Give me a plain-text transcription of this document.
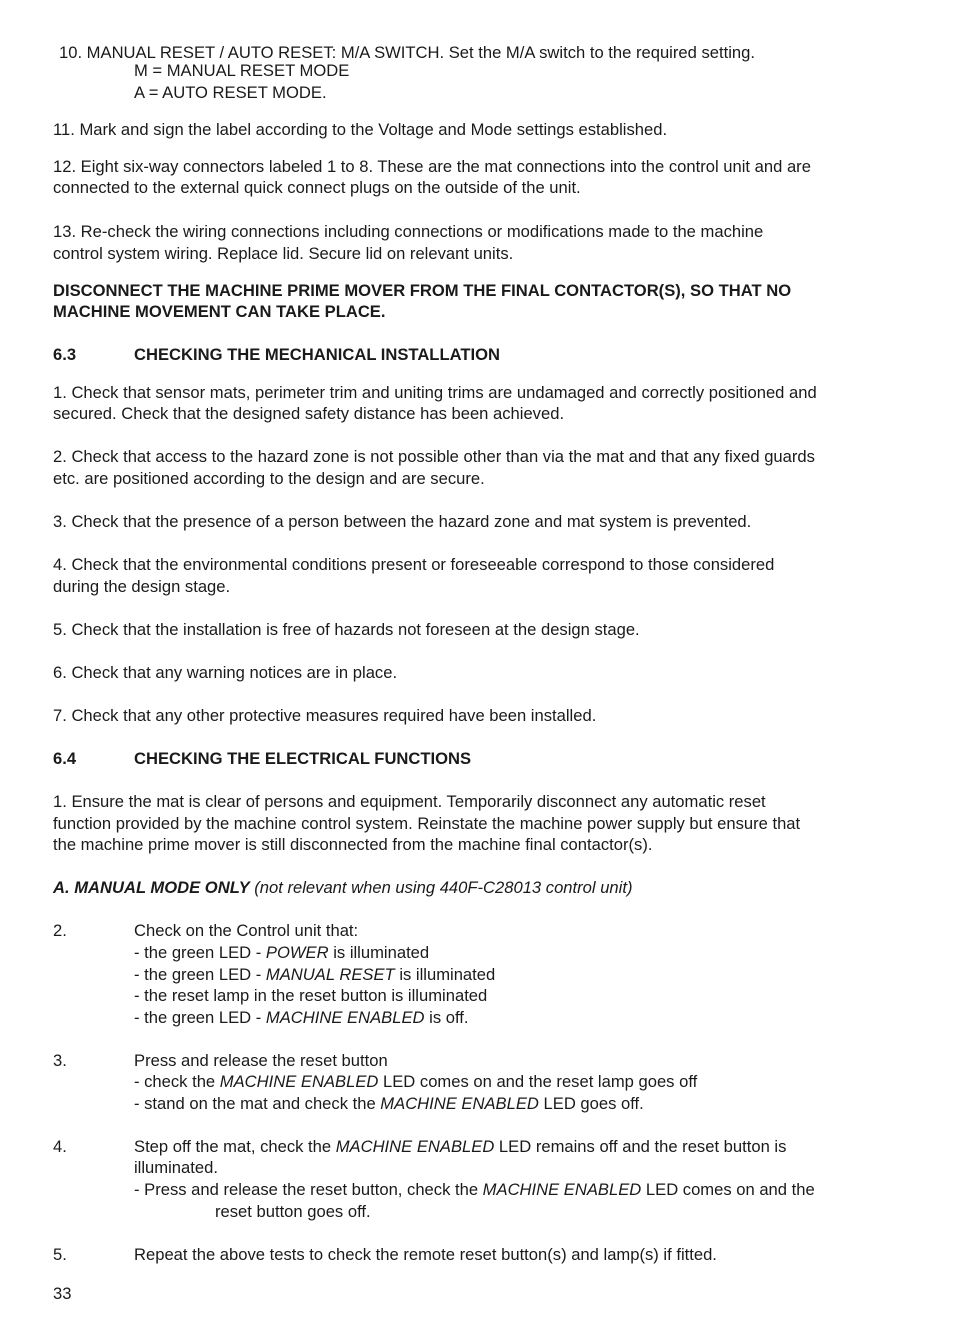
10. MANUAL RESET / AUTO RESET: M/A SWITCH. Set the M/A switch to the required setting.
M = MANUAL RESET MODE
A = AUTO RESET MODE.
11. Mark and sign the label according to the Voltage and Mode settings established.
12. Eight six-way connectors labeled 1 to 8. These are the mat connections into the control unit and are
connected to the external quick connect plugs on the outside of the unit.
13. Re-check the wiring connections including connections or modifications made to the machine
control system wiring. Replace lid. Secure lid on relevant units.
DISCONNECT THE MACHINE PRIME MOVER FROM THE FINAL CONTACTOR(S), SO THAT NO
MACHINE MOVEMENT CAN TAKE PLACE.
6.3	CHECKING THE MECHANICAL INSTALLATION
1. Check that sensor mats, perimeter trim and uniting trims are undamaged and correctly positioned and
secured. Check that the designed safety distance has been achieved.
2. Check that access to the hazard zone is not possible other than via the mat and that any fixed guards
etc. are positioned according to the design and are secure.
3. Check that the presence of a person between the hazard zone and mat system is prevented.
4. Check that the environmental conditions present or foreseeable correspond to those considered
during the design stage.
5. Check that the installation is free of hazards not foreseen at the design stage.
6. Check that any warning notices are in place.
7. Check that any other protective measures required have been installed.
6.4	CHECKING THE ELECTRICAL FUNCTIONS
1. Ensure the mat is clear of persons and equipment. Temporarily disconnect any automatic reset
function provided by the machine control system. Reinstate the machine power supply but ensure that
the machine prime mover is still disconnected from the machine final contactor(s).
A. MANUAL MODE ONLY (not relevant when using 440F-C28013 control unit)
2.	Check on the Control unit that:
- the green LED - POWER is illuminated
- the green LED - MANUAL RESET is illuminated
- the reset lamp in the reset button is illuminated
- the green LED - MACHINE ENABLED is off.
3.	Press and release the reset button
- check the MACHINE ENABLED LED comes on and the reset lamp goes off
- stand on the mat and check the MACHINE ENABLED LED goes off.
4.	Step off the mat, check the MACHINE ENABLED LED remains off and the reset button is
illuminated.
- Press and release the reset button, check the MACHINE ENABLED LED comes on and the
reset button goes off.
5.	Repeat the above tests to check the remote reset button(s) and lamp(s) if fitted.
33
